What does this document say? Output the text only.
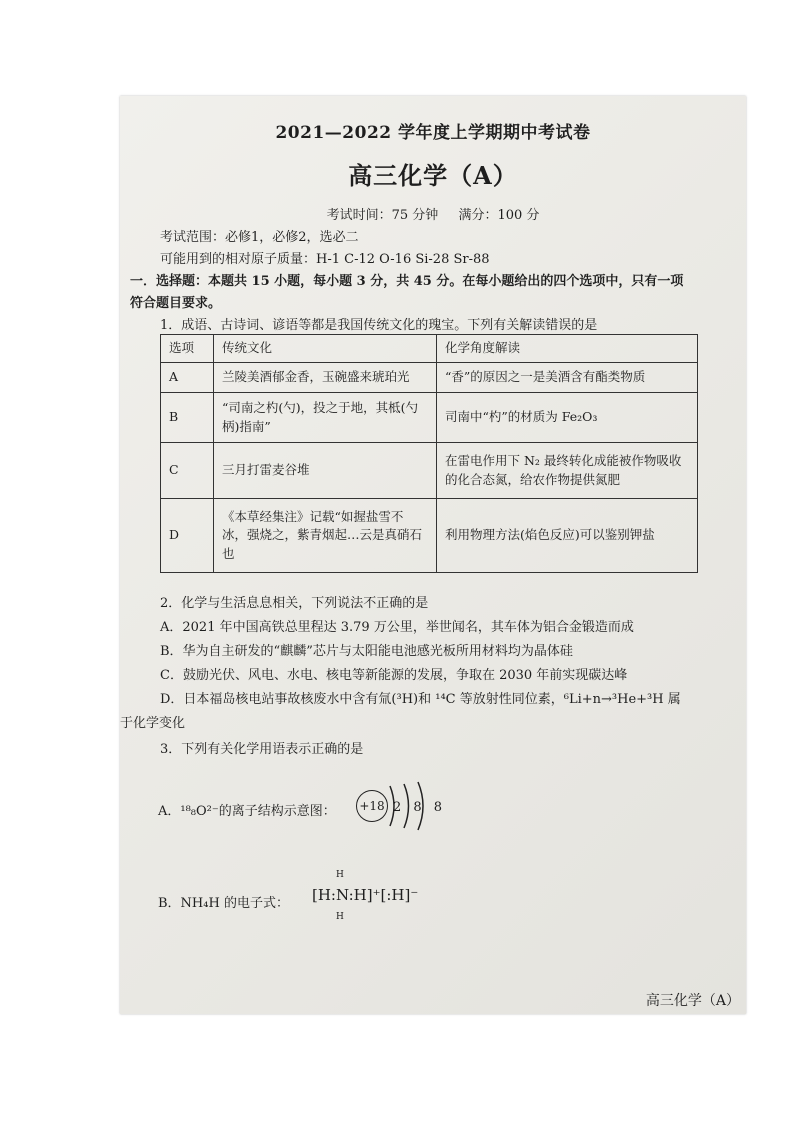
2021—2022 学年度上学期期中考试卷
高三化学（A）
考试时间：75 分钟 满分：100 分
考试范围：必修1，必修2，选必二
可能用到的相对原子质量：H-1 C-12 O-16 Si-28 Sr-88
一．选择题：本题共 15 小题，每小题 3 分，共 45 分。在每小题给出的四个选项中，只有一项
符合题目要求。
1．成语、古诗词、谚语等都是我国传统文化的瑰宝。下列有关解读错误的是
选项	传统文化	化学角度解读
A	兰陵美酒郁金香，玉碗盛来琥珀光	“香”的原因之一是美酒含有酯类物质
B	“司南之杓(勺)，投之于地，其柢(勺柄)指南”	司南中“杓”的材质为 Fe₂O₃
C	三月打雷麦谷堆	在雷电作用下 N₂ 最终转化成能被作物吸收的化合态氮，给农作物提供氮肥
D	《本草经集注》记载“如握盐雪不冰，强烧之，紫青烟起…云是真硝石也	利用物理方法(焰色反应)可以鉴别钾盐
2．化学与生活息息相关，下列说法不正确的是
A．2021 年中国高铁总里程达 3.79 万公里，举世闻名，其车体为铝合金锻造而成
B．华为自主研发的“麒麟”芯片与太阳能电池感光板所用材料均为晶体硅
C．鼓励光伏、风电、水电、核电等新能源的发展，争取在 2030 年前实现碳达峰
D．日本福岛核电站事故核废水中含有氚(³H)和 ¹⁴C 等放射性同位素，⁶Li+n→³He+³H 属
于化学变化
3．下列有关化学用语表示正确的是
A．¹⁸₈O²⁻的离子结构示意图： +18 2 8 8
B．NH₄H 的电子式：
H
[H:N:H]⁺[:H]⁻
H
高三化学（A）
